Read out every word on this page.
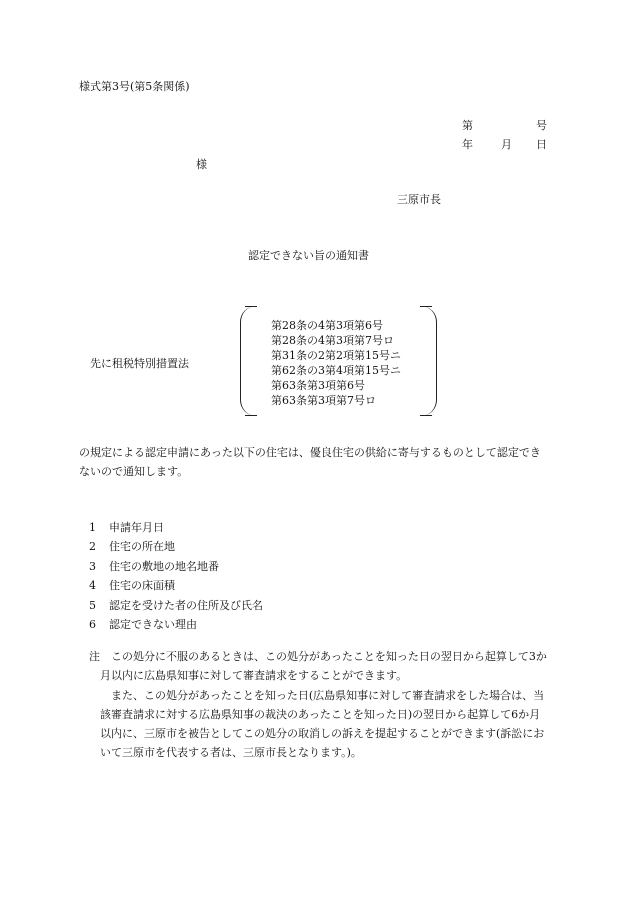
様式第3号(第5条関係)
第	号
年	月 日
様
三原市長
認定できない旨の通知書
先に租税特別措置法
第28条の4第3項第6号
第28条の4第3項第7号ロ
第31条の2第2項第15号ニ
第62条の3第4項第15号ニ
第63条第3項第6号
第63条第3項第7号ロ
の規定による認定申請にあった以下の住宅は、優良住宅の供給に寄与するものとして認定できないので通知します。
1 申請年月日
2 住宅の所在地
3 住宅の敷地の地名地番
4 住宅の床面積
5 認定を受けた者の住所及び氏名
6 認定できない理由

注　この処分に不服のあるときは、この処分があったことを知った日の翌日から起算して3か月以内に広島県知事に対して審査請求をすることができます。

また、この処分があったことを知った日(広島県知事に対して審査請求をした場合は、当該審査請求に対する広島県知事の裁決のあったことを知った日)の翌日から起算して6か月以内に、三原市を被告としてこの処分の取消しの訴えを提起することができます(訴訟において三原市を代表する者は、三原市長となります。)。
